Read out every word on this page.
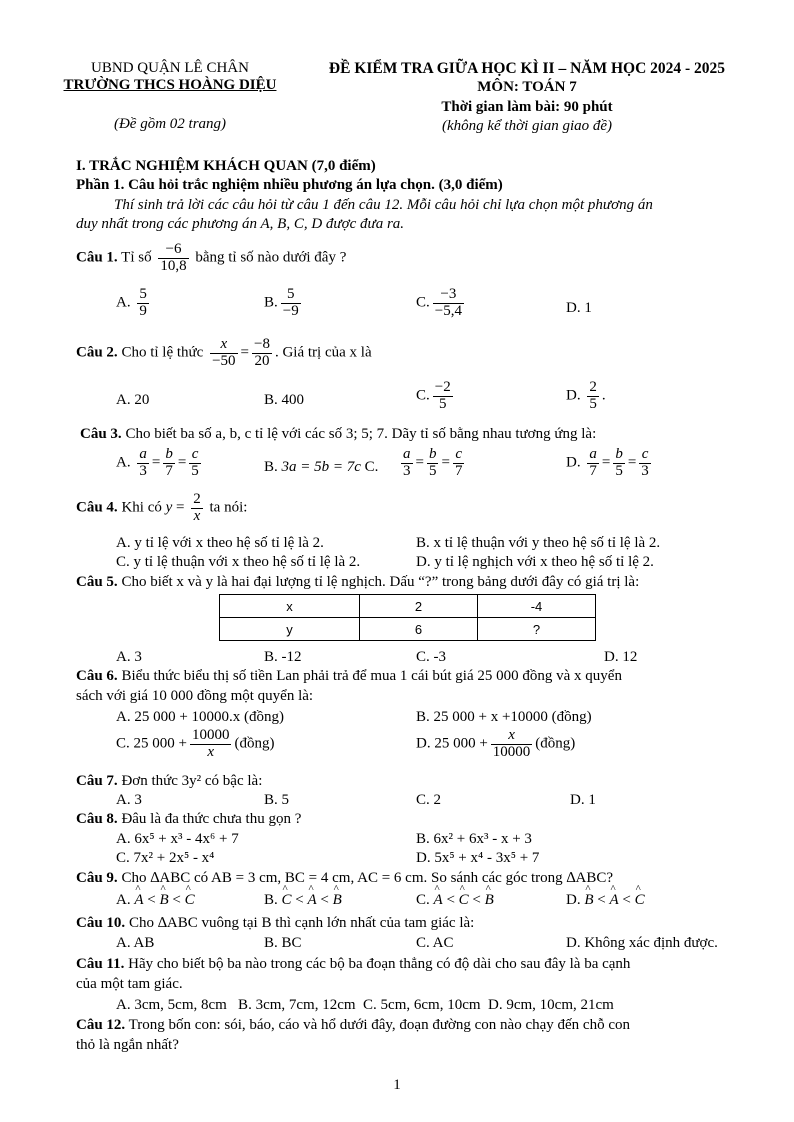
UBND QUẬN LÊ CHÂN
TRƯỜNG THCS HOÀNG DIỆU
(Đề gồm 02 trang)
ĐỀ KIỂM TRA GIỮA HỌC KÌ II – NĂM HỌC 2024 - 2025
MÔN: TOÁN 7
Thời gian làm bài: 90 phút
(không kể thời gian giao đề)
I. TRẮC NGHIỆM KHÁCH QUAN (7,0 điểm)
Phần 1. Câu hỏi trắc nghiệm nhiều phương án lựa chọn. (3,0 điểm)
Thí sinh trả lời các câu hỏi từ câu 1 đến câu 12. Mỗi câu hỏi chỉ lựa chọn một phương án
duy nhất trong các phương án A, B, C, D được đưa ra.
Câu 1. Tỉ số $\frac{-6}{10,8}$ bằng tỉ số nào dưới đây ?
A. $\frac{5}{9}$	B. $\frac{5}{-9}$	C. $\frac{-3}{-5,4}$	D. 1
Câu 2. Cho tỉ lệ thức $\frac{x}{-50} = \frac{-8}{20}$ . Giá trị của x là
A. 20	B. 400	C. $\frac{-2}{5}$	D. $\frac{2}{5}$ .
Câu 3. Cho biết ba số a, b, c tỉ lệ với các số 3; 5; 7. Dãy tỉ số bằng nhau tương ứng là:
A. $\frac{a}{3} = \frac{b}{7} = \frac{c}{5}$	B. 3a = 5b = 7c C. $\frac{a}{3} = \frac{b}{5} = \frac{c}{7}$	D. $\frac{a}{7} = \frac{b}{5} = \frac{c}{3}$
Câu 4. Khi có $y = \frac{2}{x}$ ta nói:
A. y tỉ lệ với x theo hệ số tỉ lệ là 2.	B. x tỉ lệ thuận với y theo hệ số tỉ lệ là 2.
C. y tỉ lệ thuận với x theo hệ số tỉ lệ là 2.	D. y tỉ lệ nghịch với x theo hệ số tỉ lệ 2.
Câu 5. Cho biết x và y là hai đại lượng tỉ lệ nghịch. Dấu “?” trong bảng dưới đây có giá trị là:
x	2	-4
y	6	?
A. 3	B. -12	C. -3	D. 12
Câu 6. Biểu thức biểu thị số tiền Lan phải trả để mua 1 cái bút giá 25 000 đồng và x quyển
sách với giá 10 000 đồng một quyển là:
A. 25 000 + 10000.x (đồng)	B. 25 000 + x +10000 (đồng)
C. 25 $000 + \frac{10000}{x}$ (đồng)	D. 25 $000 + \frac{x}{10000}$ (đồng)
Câu 7. Đơn thức 3y² có bậc là:
A. 3	B. 5	C. 2	D. 1
Câu 8. Đâu là đa thức chưa thu gọn ?
A. 6x⁵ + x³ - 4x⁶ + 7	B. 6x² + 6x³ - x + 3
C. 7x² + 2x⁵ - x⁴	D. 5x⁵ + x⁴ - 3x⁵ + 7
Câu 9. Cho ∆ABC có AB = 3 cm, BC = 4 cm, AC = 6 cm. So sánh các góc trong ∆ABC?
A. ^ A < ^ B < ^ C	B. ^ C < ^ A < ^ B	C. ^ A < ^ C < ^ B	D. ^ B < ^ A < ^ C
Câu 10. Cho ∆ABC vuông tại B thì cạnh lớn nhất của tam giác là:
A. AB	B. BC	C. AC	D. Không xác định được.
Câu 11. Hãy cho biết bộ ba nào trong các bộ ba đoạn thẳng có độ dài cho sau đây là ba cạnh
của một tam giác.
A. 3cm, 5cm, 8cm   B. 3cm, 7cm, 12cm  C. 5cm, 6cm, 10cm  D. 9cm, 10cm, 21cm
Câu 12. Trong bốn con: sói, báo, cáo và hổ dưới đây, đoạn đường con nào chạy đến chỗ con
thỏ là ngắn nhất?
1
